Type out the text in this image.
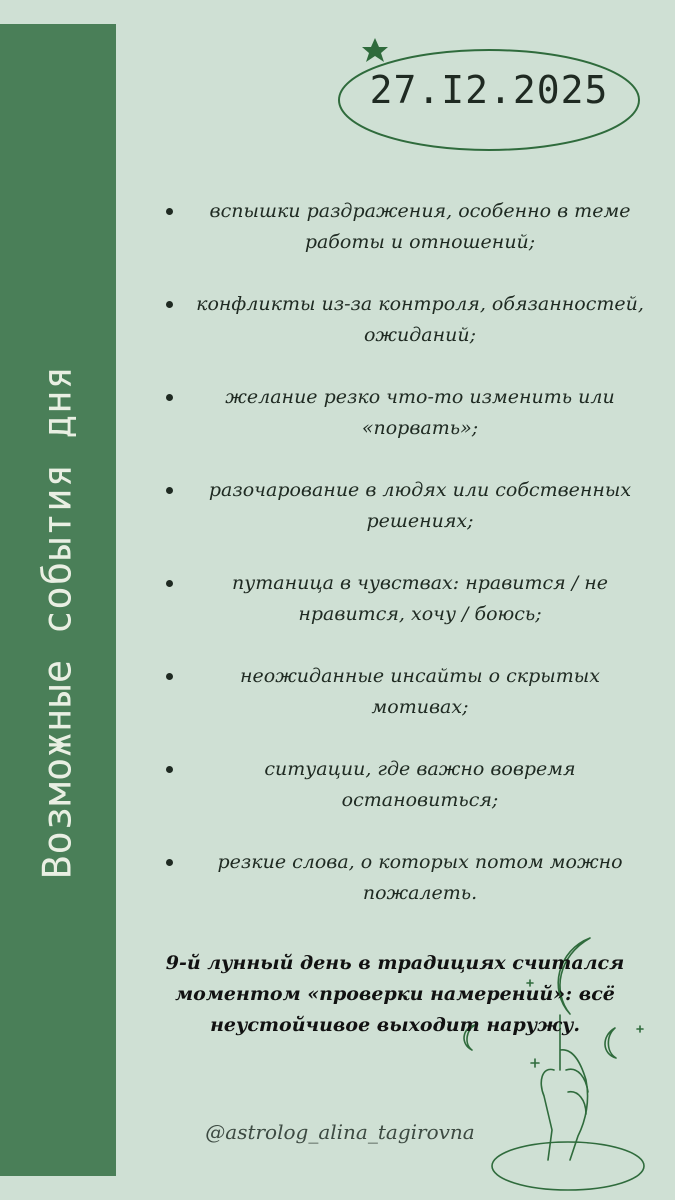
Возможные события дня
27.I2.2025
вспышки раздражения, особенно в теме работы и отношений;
конфликты из-за контроля, обязанностей, ожиданий;
желание резко что-то изменить или «порвать»;
разочарование в людях или собственных решениях;
путаница в чувствах: нравится / не нравится, хочу / боюсь;
неожиданные инсайты о скрытых мотивах;
ситуации, где важно вовремя остановиться;
резкие слова, о которых потом можно пожалеть.
9-й лунный день в традициях считался моментом «проверки намерений»: всё неустойчивое выходит наружу.
@astrolog_alina_tagirovna
